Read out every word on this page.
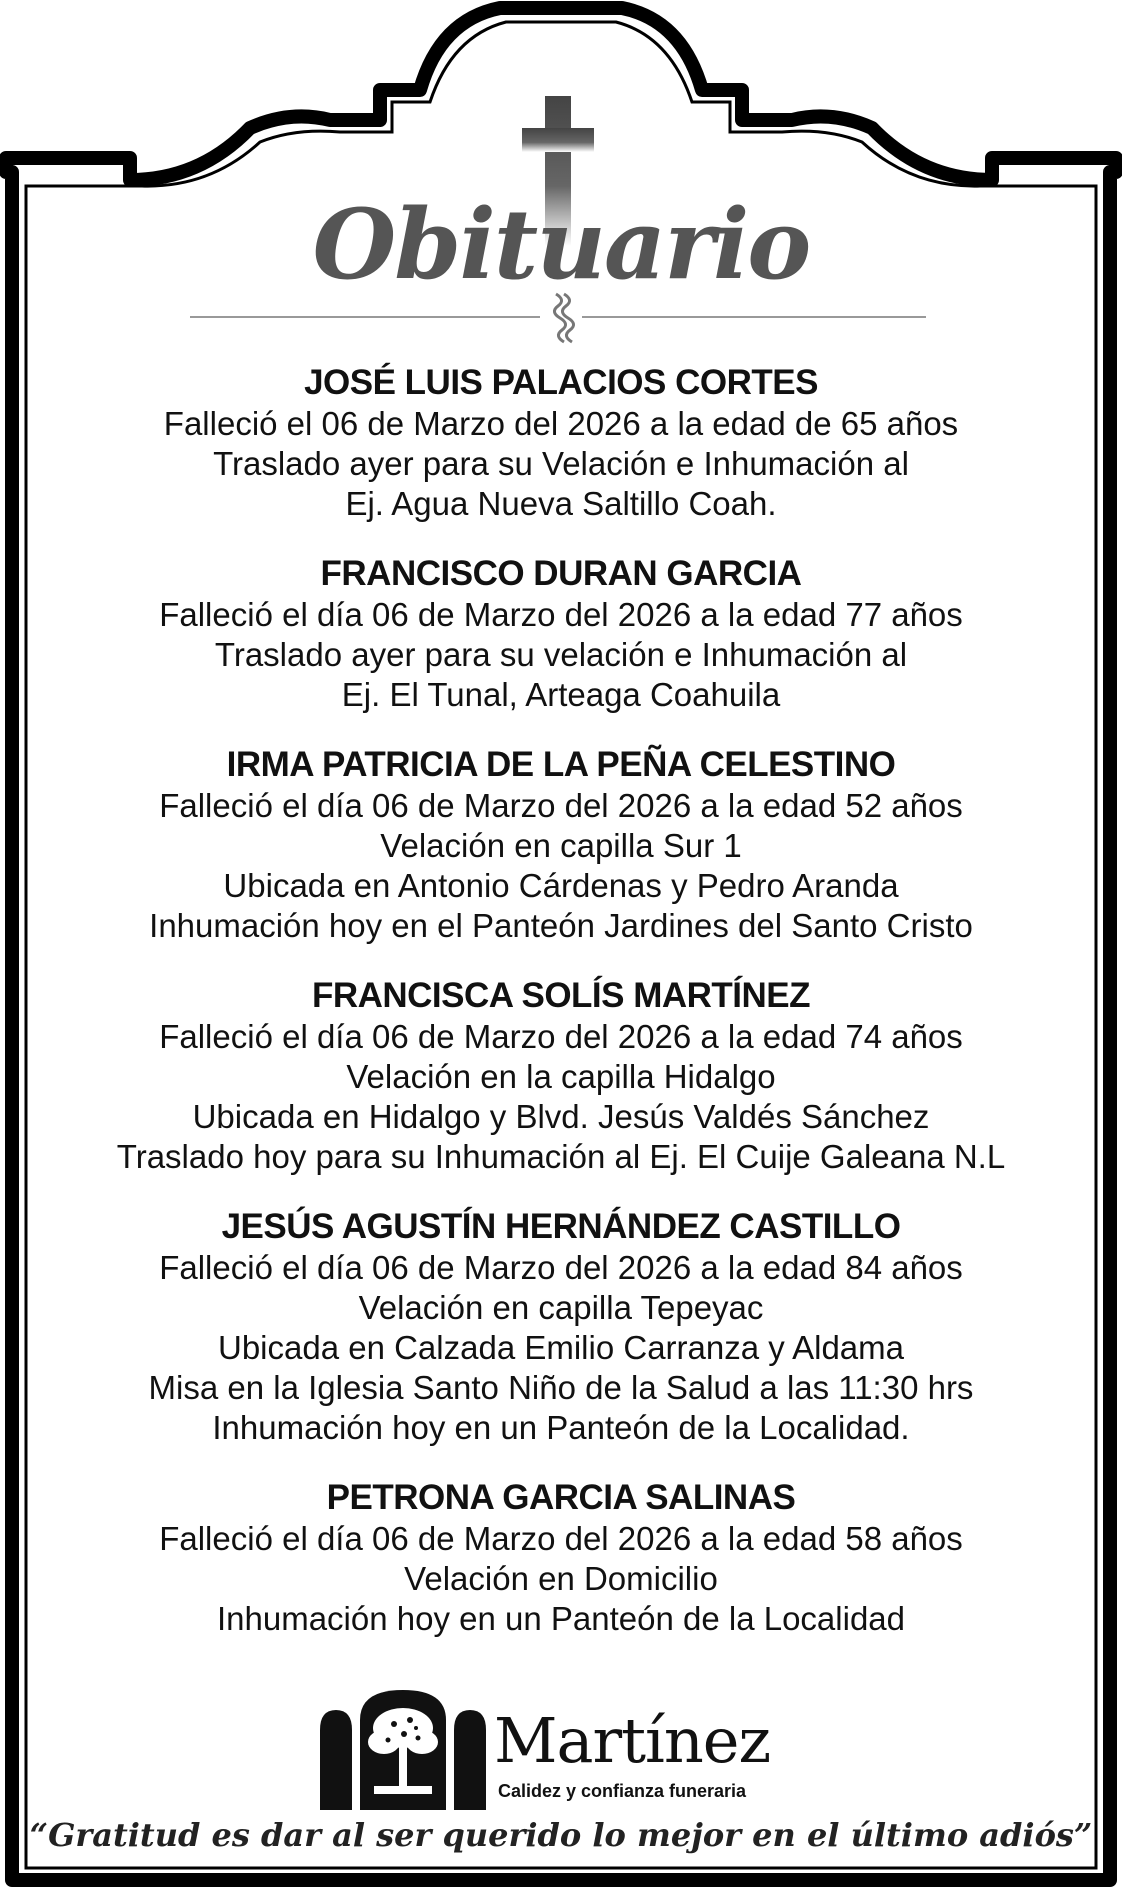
Obituario
JOSÉ LUIS PALACIOS CORTES
Falleció el 06 de Marzo del 2026 a la edad de 65 años
Traslado ayer para su Velación e Inhumación al
Ej. Agua Nueva Saltillo Coah.
FRANCISCO DURAN GARCIA
Falleció el día 06 de Marzo del 2026 a la edad 77 años
Traslado ayer para su velación e Inhumación al
Ej. El Tunal, Arteaga Coahuila
IRMA PATRICIA DE LA PEÑA CELESTINO
Falleció el día 06 de Marzo del 2026 a la edad 52 años
Velación en capilla Sur 1
Ubicada en Antonio Cárdenas y Pedro Aranda
Inhumación hoy en el Panteón Jardines del Santo Cristo
FRANCISCA SOLÍS MARTÍNEZ
Falleció el día 06 de Marzo del 2026 a la edad 74 años
Velación en la capilla Hidalgo
Ubicada en Hidalgo y Blvd. Jesús Valdés Sánchez
Traslado hoy para su Inhumación al Ej. El Cuije Galeana N.L
JESÚS AGUSTÍN HERNÁNDEZ CASTILLO
Falleció el día 06 de Marzo del 2026 a la edad 84 años
Velación en capilla Tepeyac
Ubicada en Calzada Emilio Carranza y Aldama
Misa en la Iglesia Santo Niño de la Salud a las 11:30 hrs
Inhumación hoy en un Panteón de la Localidad.
PETRONA GARCIA SALINAS
Falleció el día 06 de Marzo del 2026 a la edad 58 años
Velación en Domicilio
Inhumación hoy en un Panteón de la Localidad
Martínez
Calidez y confianza funeraria
“Gratitud es dar al ser querido lo mejor en el último adiós”
